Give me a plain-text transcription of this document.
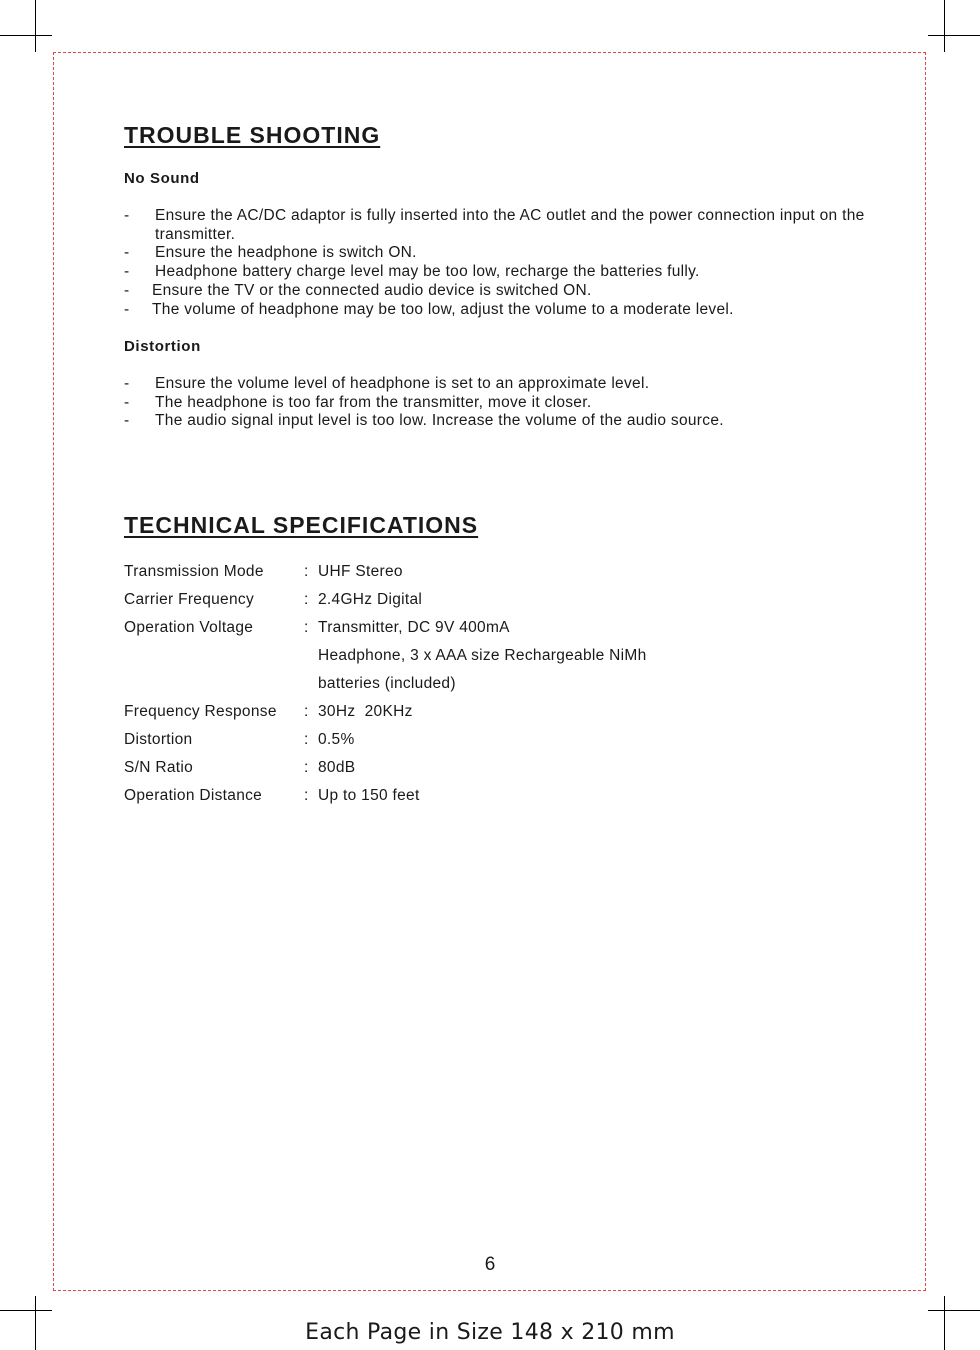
TROUBLE SHOOTING
No Sound
- Ensure the AC/DC adaptor is fully inserted into the AC outlet and the power connection input on the transmitter.
- Ensure the headphone is switch ON.
- Headphone battery charge level may be too low, recharge the batteries fully.
- Ensure the TV or the connected audio device is switched ON.
- The volume of headphone may be too low, adjust the volume to a moderate level.
Distortion
- Ensure the volume level of headphone is set to an approximate level.
- The headphone is too far from the transmitter, move it closer.
- The audio signal input level is too low. Increase the volume of the audio source.
TECHNICAL SPECIFICATIONS
Transmission Mode	: UHF Stereo
Carrier Frequency	: 2.4GHz Digital
Operation Voltage	: Transmitter, DC 9V 400mA
Headphone, 3 x AAA size Rechargeable NiMh
batteries (included)
Frequency Response : 30Hz  20KHz
Distortion	: 0.5%
S/N Ratio	: 80dB
Operation Distance	: Up to 150 feet
6
Each Page in Size 148 x 210 mm
